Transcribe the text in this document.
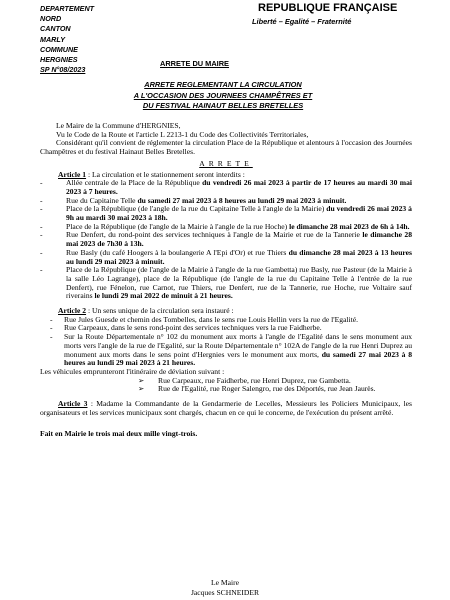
DEPARTEMENT
NORD
CANTON
MARLY
COMMUNE
HERGNIES
SP N°08/2023
REPUBLIQUE FRANÇAISE
Liberté – Egalité – Fraternité
ARRETE DU MAIRE
ARRETE REGLEMENTANT LA CIRCULATION
A L'OCCASION DES JOURNEES CHAMPÊTRES ET
DU FESTIVAL HAINAUT BELLES BRETELLES

Le Maire de la Commune d'HERGNIES,

Vu le Code de la Route et l'article L 2213-1 du Code des Collectivités Territoriales,

Considérant qu'il convient de réglementer la circulation Place de la République et alentours à l'occasion des Journées Champêtres et du festival Hainaut Belles Bretelles.

ARRETE

Article 1 : La circulation et le stationnement seront interdits :

-	Allée centrale de la Place de la République du vendredi 26 mai 2023 à partir de 17 heures au mardi 30 mai 2023 à 7 heures.
-	Rue du Capitaine Telle du samedi 27 mai 2023 à 8 heures au lundi 29 mai 2023 à minuit.
-	Place de la République (de l'angle de la rue du Capitaine Telle à l'angle de la Mairie) du vendredi 26 mai 2023 à 9h au mardi 30 mai 2023 à 18h.
-	Place de la République (de l'angle de la Mairie à l'angle de la rue Hoche) le dimanche 28 mai 2023 de 6h à 14h.
-	Rue Denfert, du rond-point des services techniques à l'angle de la Mairie et rue de la Tannerie le dimanche 28 mai 2023 de 7h30 à 13h.
-	Rue Basly (du café Hoogers à la boulangerie A l'Epi d'Or) et rue Thiers du dimanche 28 mai 2023 à 13 heures au lundi 29 mai 2023 à minuit.
-	Place de la République (de l'angle de la Mairie à l'angle de la rue Gambetta) rue Basly, rue Pasteur (de la Mairie à la salle Léo Lagrange), place de la République (de l'angle de la rue du Capitaine Telle à l'entrée de la rue Denfert), rue Fénelon, rue Carnot, rue Thiers, rue Denfert, rue de la Tannerie, rue Hoche, rue Voltaire sauf riverains le lundi 29 mai 2022 de minuit à 21 heures.

Article 2 : Un sens unique de la circulation sera instauré :

- Rue Jules Guesde et chemin des Tombelles, dans le sens rue Louis Hellin vers la rue de l'Egalité.
- Rue Carpeaux, dans le sens rond-point des services techniques vers la rue Faidherbe.
- Sur la Route Départementale n° 102 du monument aux morts à l'angle de l'Egalité dans le sens monument aux morts vers l'angle de la rue de l'Egalité, sur la Route Départementale n° 102A de l'angle de la rue Henri Duprez au monument aux morts dans le sens point d'Hergnies vers le monument aux morts, du samedi 27 mai 2023 à 8 heures au lundi 29 mai 2023 à 21 heures.

Les véhicules emprunteront l'itinéraire de déviation suivant :

➢ Rue Carpeaux, rue Faidherbe, rue Henri Duprez, rue Gambetta.
➢ Rue de l'Egalité, rue Roger Salengro, rue des Déportés, rue Jean Jaurès.

Article 3 : Madame la Commandante de la Gendarmerie de Lecelles, Messieurs les Policiers Municipaux, les organisateurs et les services municipaux sont chargés, chacun en ce qui le concerne, de l'exécution du présent arrêté.

Fait en Mairie le trois mai deux mille vingt-trois.

Le Maire
Jacques SCHNEIDER
